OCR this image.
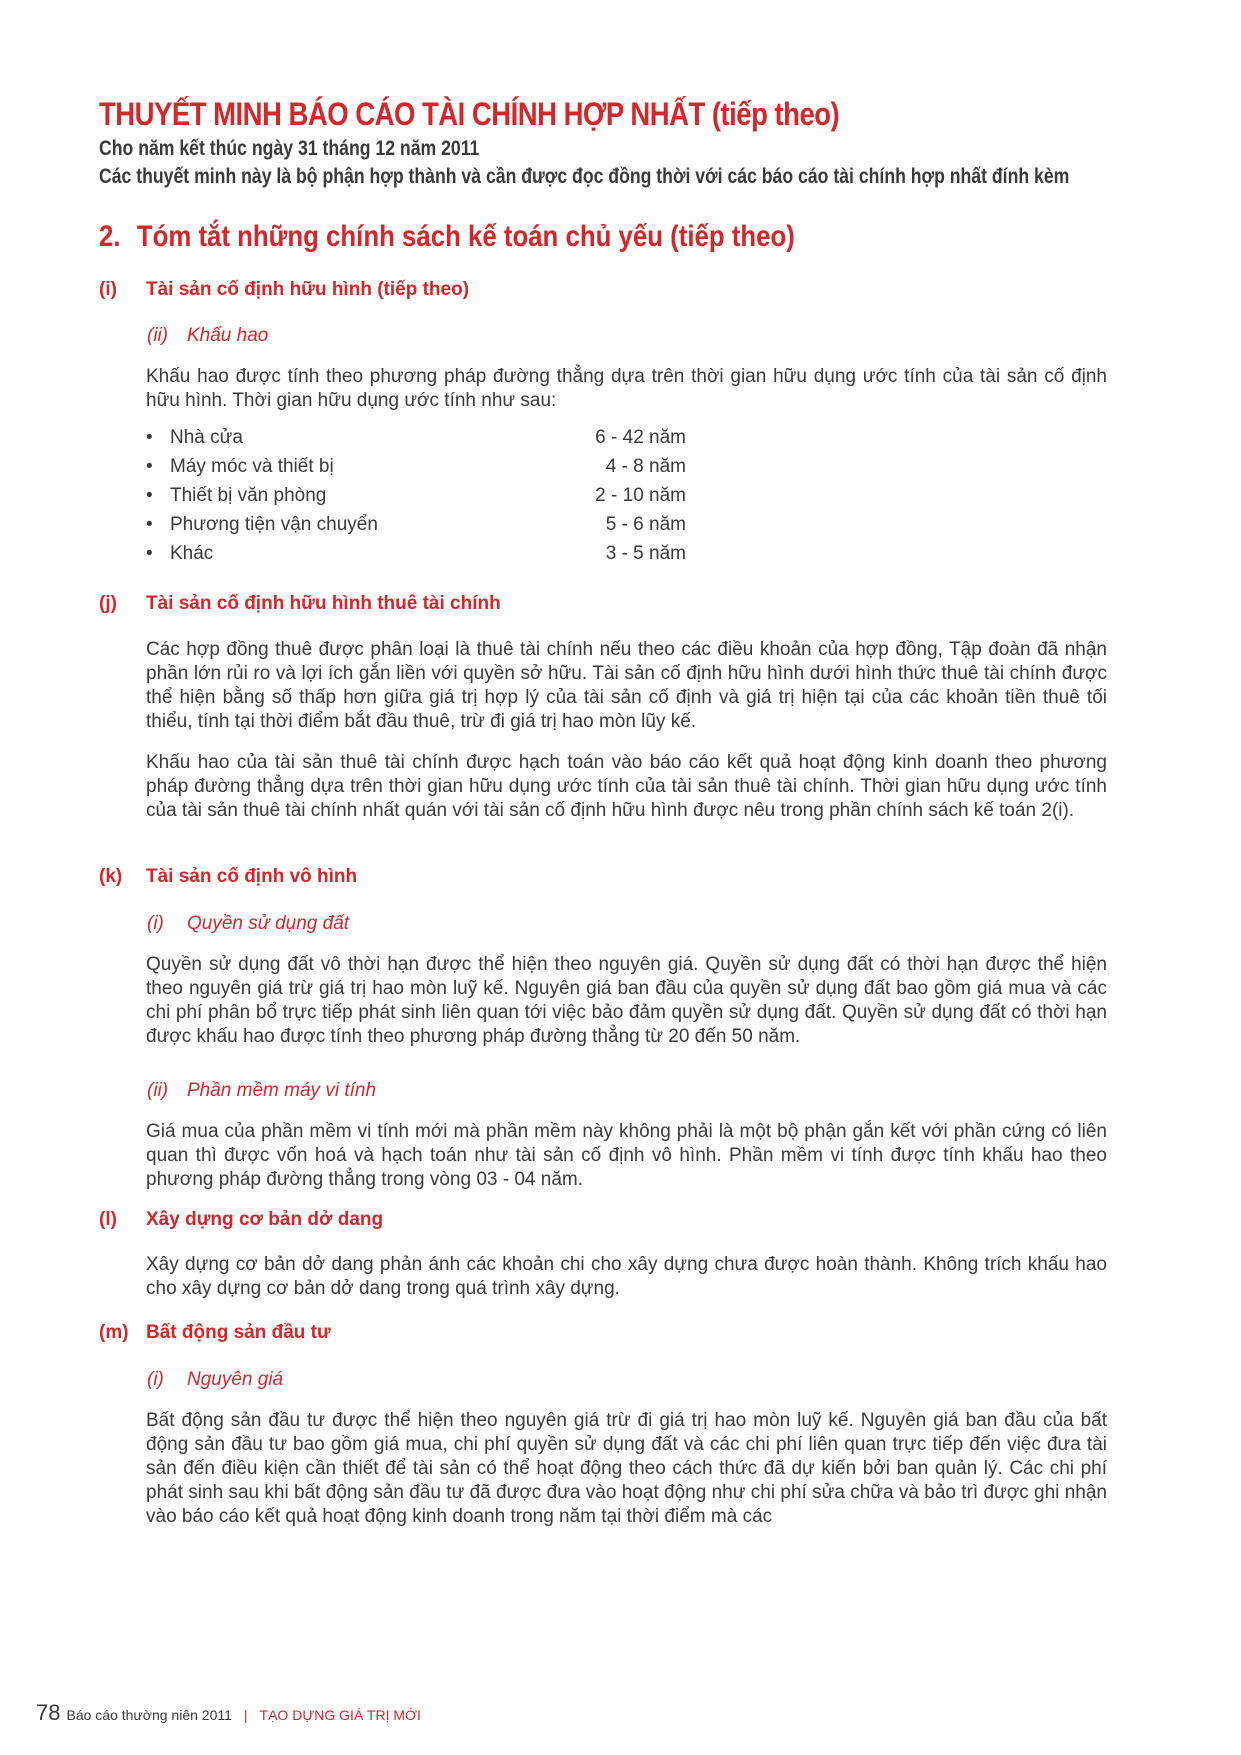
THUYẾT MINH BÁO CÁO TÀI CHÍNH HỢP NHẤT (tiếp theo)
Cho năm kết thúc ngày 31 tháng 12 năm 2011
Các thuyết minh này là bộ phận hợp thành và cần được đọc đồng thời với các báo cáo tài chính hợp nhất đính kèm
2. Tóm tắt những chính sách kế toán chủ yếu (tiếp theo)
(i) Tài sản cố định hữu hình (tiếp theo)
(ii) Khấu hao
Khấu hao được tính theo phương pháp đường thẳng dựa trên thời gian hữu dụng ước tính của tài sản cố định hữu hình. Thời gian hữu dụng ước tính như sau:
• Nhà cửa	6 - 42 năm
• Máy móc và thiết bị	4 - 8 năm
• Thiết bị văn phòng	2 - 10 năm
• Phương tiện vận chuyển	5 - 6 năm
• Khác	3 - 5 năm
(j) Tài sản cố định hữu hình thuê tài chính
Các hợp đồng thuê được phân loại là thuê tài chính nếu theo các điều khoản của hợp đồng, Tập đoàn đã nhận phần lớn rủi ro và lợi ích gắn liền với quyền sở hữu. Tài sản cố định hữu hình dưới hình thức thuê tài chính được thể hiện bằng số thấp hơn giữa giá trị hợp lý của tài sản cố định và giá trị hiện tại của các khoản tiền thuê tối thiểu, tính tại thời điểm bắt đầu thuê, trừ đi giá trị hao mòn lũy kế.
Khấu hao của tài sản thuê tài chính được hạch toán vào báo cáo kết quả hoạt động kinh doanh theo phương pháp đường thẳng dựa trên thời gian hữu dụng ước tính của tài sản thuê tài chính. Thời gian hữu dụng ước tính của tài sản thuê tài chính nhất quán với tài sản cố định hữu hình được nêu trong phần chính sách kế toán 2(i).
(k) Tài sản cố định vô hình
(i) Quyền sử dụng đất
Quyền sử dụng đất vô thời hạn được thể hiện theo nguyên giá. Quyền sử dụng đất có thời hạn được thể hiện theo nguyên giá trừ giá trị hao mòn luỹ kế. Nguyên giá ban đầu của quyền sử dụng đất bao gồm giá mua và các chi phí phân bổ trực tiếp phát sinh liên quan tới việc bảo đảm quyền sử dụng đất. Quyền sử dụng đất có thời hạn được khấu hao được tính theo phương pháp đường thẳng từ 20 đến 50 năm.
(ii) Phần mềm máy vi tính
Giá mua của phần mềm vi tính mới mà phần mềm này không phải là một bộ phận gắn kết với phần cứng có liên quan thì được vốn hoá và hạch toán như tài sản cố định vô hình. Phần mềm vi tính được tính khấu hao theo phương pháp đường thẳng trong vòng 03 - 04 năm.
(l) Xây dựng cơ bản dở dang
Xây dựng cơ bản dở dang phản ánh các khoản chi cho xây dựng chưa được hoàn thành. Không trích khấu hao cho xây dựng cơ bản dở dang trong quá trình xây dựng.
(m) Bất động sản đầu tư
(i) Nguyên giá
Bất động sản đầu tư được thể hiện theo nguyên giá trừ đi giá trị hao mòn luỹ kế. Nguyên giá ban đầu của bất động sản đầu tư bao gồm giá mua, chi phí quyền sử dụng đất và các chi phí liên quan trực tiếp đến việc đưa tài sản đến điều kiện cần thiết để tài sản có thể hoạt động theo cách thức đã dự kiến bởi ban quản lý. Các chi phí phát sinh sau khi bất động sản đầu tư đã được đưa vào hoạt động như chi phí sửa chữa và bảo trì được ghi nhận vào báo cáo kết quả hoạt động kinh doanh trong năm tại thời điểm mà các
78 Báo cáo thường niên 2011 | TẠO DỰNG GIÁ TRỊ MỚI
